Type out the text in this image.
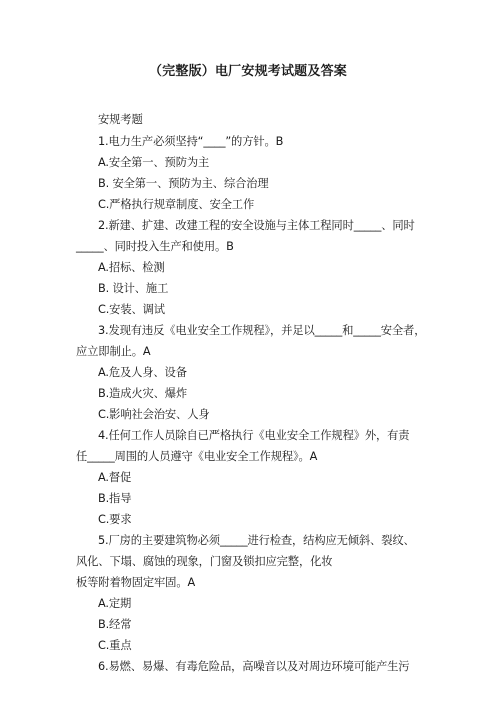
（完整版）电厂安规考试题及答案
安规考题
1.电力生产必须坚持“____”的方针。B
A.安全第一、预防为主
B. 安全第一、预防为主、综合治理
C.严格执行规章制度、安全工作
2.新建、扩建、改建工程的安全设施与主体工程同时_____、同时
_____、同时投入生产和使用。B
A.招标、检测
B. 设计、施工
C.安装、调试
3.发现有违反《电业安全工作规程》，并足以_____和_____安全者，
应立即制止。A
A.危及人身、设备
B.造成火灾、爆炸
C.影响社会治安、人身
4.任何工作人员除自已严格执行《电业安全工作规程》外，有责
任_____周围的人员遵守《电业安全工作规程》。A
A.督促
B.指导
C.要求
5.厂房的主要建筑物必须_____进行检查，结构应无倾斜、裂纹、
风化、下塌、腐蚀的现象，门窗及锁扣应完整，化妆
板等附着物固定牢固。A
A.定期
B.经常
C.重点
6.易燃、易爆、有毒危险品，高噪音以及对周边环境可能产生污
